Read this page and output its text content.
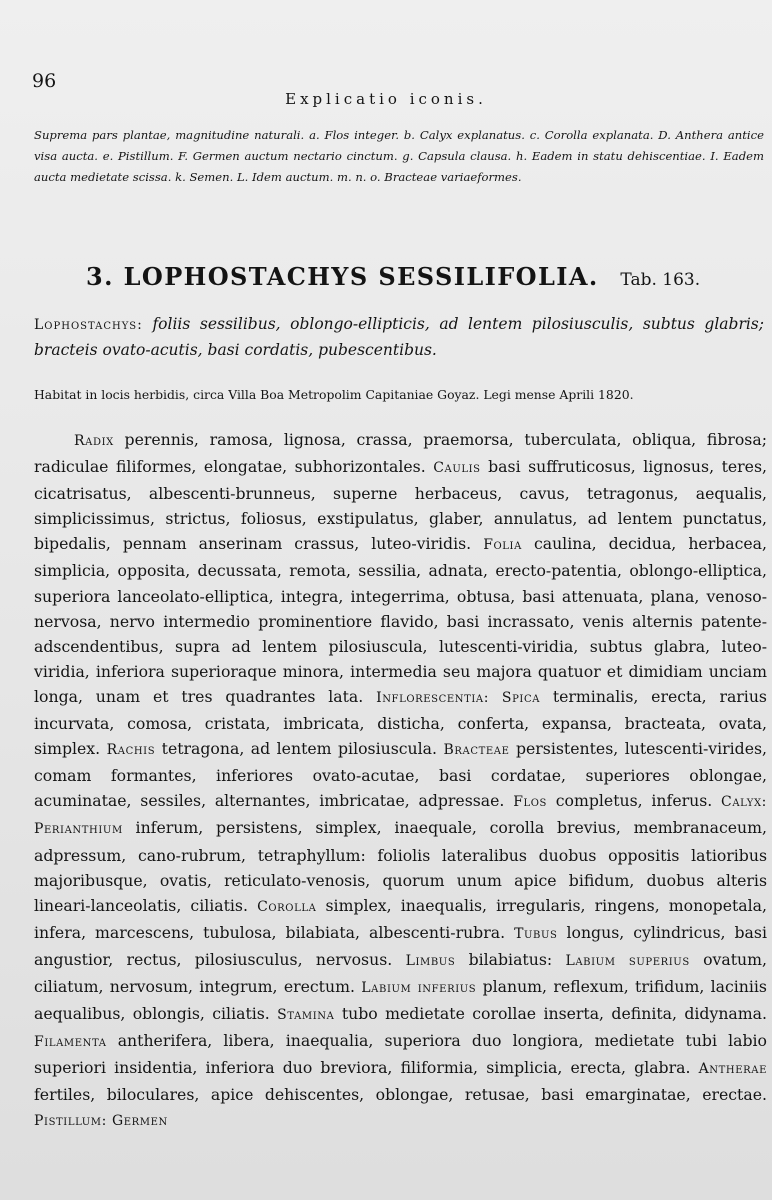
96
Explicatio iconis.
Suprema pars plantae, magnitudine naturali. a. Flos integer. b. Calyx explanatus. c. Corolla explanata. D. Anthera antice visa aucta. e. Pistillum. F. Germen auctum nectario cinctum. g. Capsula clausa. h. Eadem in statu dehiscentiae. I. Eadem aucta medietate scissa. k. Semen. L. Idem auctum. m. n. o. Bracteae variaeformes.
3. LOPHOSTACHYS SESSILIFOLIA. Tab. 163.
Lophostachys: foliis sessilibus, oblongo-ellipticis, ad lentem pilosiusculis, subtus glabris; bracteis ovato-acutis, basi cordatis, pubescentibus.
Habitat in locis herbidis, circa Villa Boa Metropolim Capitaniae Goyaz. Legi mense Aprili 1820.

Radix perennis, ramosa, lignosa, crassa, praemorsa, tuberculata, obliqua, fibrosa; radiculae filiformes, elongatae, subhorizontales. Caulis basi suffruticosus, lignosus, teres, cicatrisatus, albescenti-brunneus, superne herbaceus, cavus, tetragonus, aequalis, simplicissimus, strictus, foliosus, exstipulatus, glaber, annulatus, ad lentem punctatus, bipedalis, pennam anserinam crassus, luteo-viridis. Folia caulina, decidua, herbacea, simplicia, opposita, decussata, remota, sessilia, adnata, erecto-patentia, oblongo-elliptica, superiora lanceolato-elliptica, integra, integerrima, obtusa, basi attenuata, plana, venoso-nervosa, nervo intermedio prominentiore flavido, basi incrassato, venis alternis patente-adscendentibus, supra ad lentem pilosiuscula, lutescenti-viridia, subtus glabra, luteo-viridia, inferiora superioraque minora, intermedia seu majora quatuor et dimidiam unciam longa, unam et tres quadrantes lata. Inflorescentia: Spica terminalis, erecta, rarius incurvata, comosa, cristata, imbricata, disticha, conferta, expansa, bracteata, ovata, simplex. Rachis tetragona, ad lentem pilosiuscula. Bracteae persistentes, lutescenti-virides, comam formantes, inferiores ovato-acutae, basi cordatae, superiores oblongae, acuminatae, sessiles, alternantes, imbricatae, adpressae. Flos completus, inferus. Calyx: Perianthium inferum, persistens, simplex, inaequale, corolla brevius, membranaceum, adpressum, cano-rubrum, tetraphyllum: foliolis lateralibus duobus oppositis latioribus majoribusque, ovatis, reticulato-venosis, quorum unum apice bifidum, duobus alteris lineari-lanceolatis, ciliatis. Corolla simplex, inaequalis, irregularis, ringens, monopetala, infera, marcescens, tubulosa, bilabiata, albescenti-rubra. Tubus longus, cylindricus, basi angustior, rectus, pilosiusculus, nervosus. Limbus bilabiatus: Labium superius ovatum, ciliatum, nervosum, integrum, erectum. Labium inferius planum, reflexum, trifidum, laciniis aequalibus, oblongis, ciliatis. Stamina tubo medietate corollae inserta, definita, didynama. Filamenta antherifera, libera, inaequalia, superiora duo longiora, medietate tubi labio superiori insidentia, inferiora duo breviora, filiformia, simplicia, erecta, glabra. Antherae fertiles, biloculares, apice dehiscentes, oblongae, retusae, basi emarginatae, erectae. Pistillum: Germen
